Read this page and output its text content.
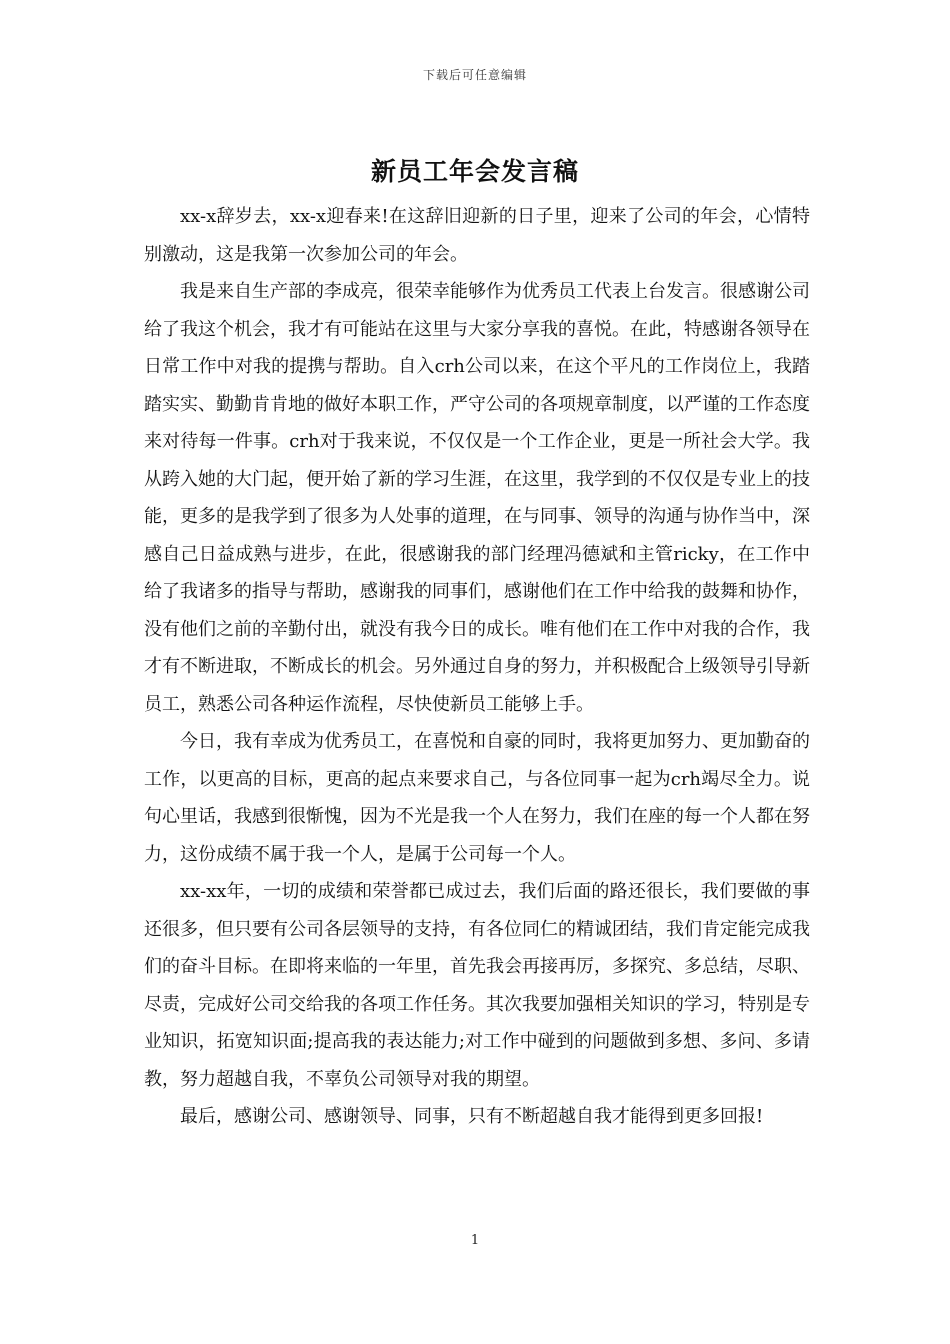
下载后可任意编辑
新员工年会发言稿

xx-x辞岁去，xx-x迎春来!在这辞旧迎新的日子里，迎来了公司的年会，心情特别激动，这是我第一次参加公司的年会。

我是来自生产部的李成亮，很荣幸能够作为优秀员工代表上台发言。很感谢公司给了我这个机会，我才有可能站在这里与大家分享我的喜悦。在此，特感谢各领导在日常工作中对我的提携与帮助。自入crh公司以来，在这个平凡的工作岗位上，我踏踏实实、勤勤肯肯地的做好本职工作，严守公司的各项规章制度，以严谨的工作态度来对待每一件事。crh对于我来说，不仅仅是一个工作企业，更是一所社会大学。我从跨入她的大门起，便开始了新的学习生涯，在这里，我学到的不仅仅是专业上的技能，更多的是我学到了很多为人处事的道理，在与同事、领导的沟通与协作当中，深感自己日益成熟与进步，在此，很感谢我的部门经理冯德斌和主管ricky，在工作中给了我诸多的指导与帮助，感谢我的同事们，感谢他们在工作中给我的鼓舞和协作，没有他们之前的辛勤付出，就没有我今日的成长。唯有他们在工作中对我的合作，我才有不断进取，不断成长的机会。另外通过自身的努力，并积极配合上级领导引导新员工，熟悉公司各种运作流程，尽快使新员工能够上手。

今日，我有幸成为优秀员工，在喜悦和自豪的同时，我将更加努力、更加勤奋的工作，以更高的目标，更高的起点来要求自己，与各位同事一起为crh竭尽全力。说句心里话，我感到很惭愧，因为不光是我一个人在努力，我们在座的每一个人都在努力，这份成绩不属于我一个人，是属于公司每一个人。

xx-xx年，一切的成绩和荣誉都已成过去，我们后面的路还很长，我们要做的事还很多，但只要有公司各层领导的支持，有各位同仁的精诚团结，我们肯定能完成我们的奋斗目标。在即将来临的一年里，首先我会再接再厉，多探究、多总结，尽职、尽责，完成好公司交给我的各项工作任务。其次我要加强相关知识的学习，特别是专业知识，拓宽知识面;提高我的表达能力;对工作中碰到的问题做到多想、多问、多请教，努力超越自我，不辜负公司领导对我的期望。

最后，感谢公司、感谢领导、同事，只有不断超越自我才能得到更多回报!

1
